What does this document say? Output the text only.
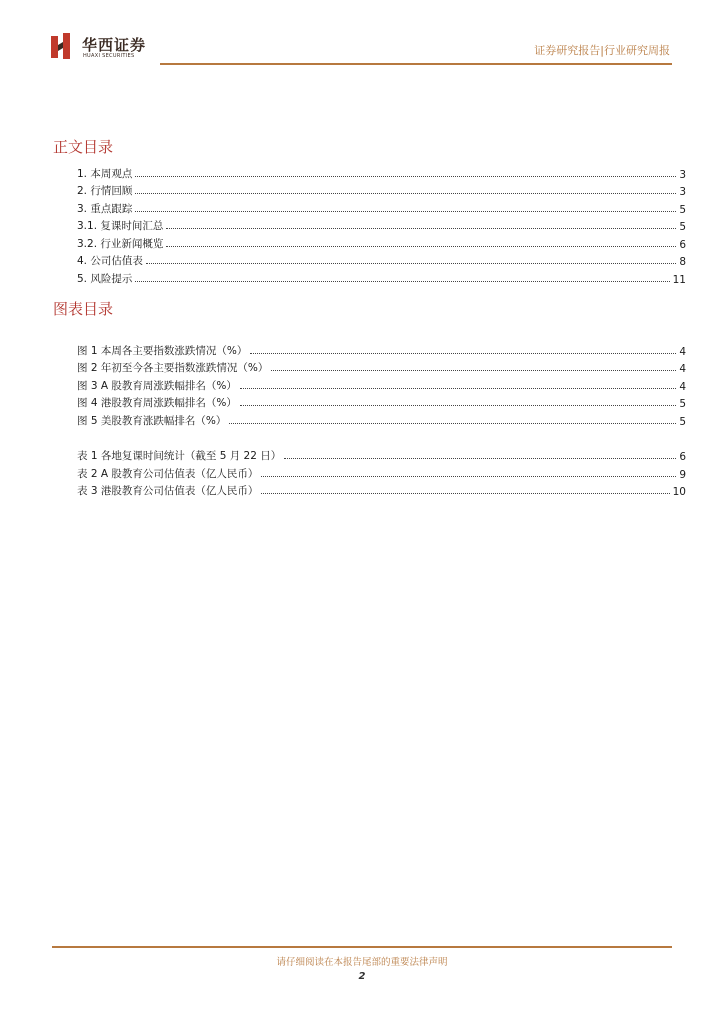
华西证券
HUAXI SECURITIES	证券研究报告|行业研究周报
正文目录
1. 本周观点	3
2. 行情回顾	3
3. 重点跟踪	5
3.1. 复课时间汇总	5
3.2. 行业新闻概览	6
4. 公司估值表	8
5. 风险提示	11
图表目录
图 1 本周各主要指数涨跌情况（%）	4
图 2 年初至今各主要指数涨跌情况（%）	4
图 3 A 股教育周涨跌幅排名（%）	4
图 4 港股教育周涨跌幅排名（%）	5
图 5 美股教育涨跌幅排名（%）	5
表 1 各地复课时间统计（截至 5 月 22 日）	6
表 2 A 股教育公司估值表（亿人民币）	9
表 3 港股教育公司估值表（亿人民币）	10
请仔细阅读在本报告尾部的重要法律声明
2
